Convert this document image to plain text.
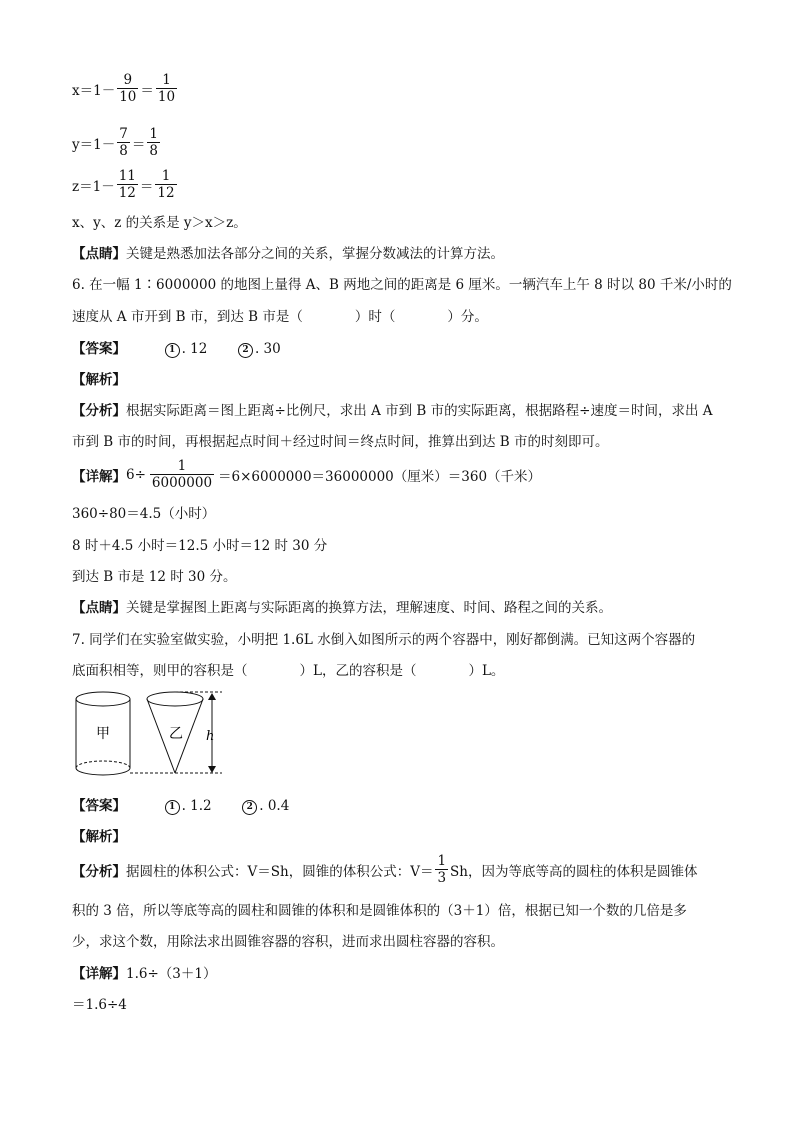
$x=1- \frac{9}{10} = \frac{1}{10}$
$y=1- \frac{7}{8} = \frac{1}{8}$
$z=1- \frac{11}{12} = \frac{1}{12}$
x、y、z 的关系是 y＞x＞z。
【点睛】关键是熟悉加法各部分之间的关系，掌握分数减法的计算方法。
6. 在一幅 1∶6000000 的地图上量得 A、B 两地之间的距离是 6 厘米。一辆汽车上午 8 时以 80 千米/小时的
速度从 A 市开到 B 市，到达 B 市是（	）时（	）分。
【答案】	1 . 12	2 . 30
【解析】
【分析】根据实际距离＝图上距离÷比例尺，求出 A 市到 B 市的实际距离，根据路程÷速度＝时间，求出 A
市到 B 市的时间，再根据起点时间＋经过时间＝终点时间，推算出到达 B 市的时刻即可。
【详解】 $6\div \frac{1}{6000000} =6\times 6000000=36000000$（厘米）＝360（千米）
360÷80＝4.5（小时）
8 时＋4.5 小时＝12.5 小时＝12 时 30 分
到达 B 市是 12 时 30 分。
【点睛】关键是掌握图上距离与实际距离的换算方法，理解速度、时间、路程之间的关系。
7. 同学们在实验室做实验，小明把 1.6L 水倒入如图所示的两个容器中，刚好都倒满。已知这两个容器的
底面积相等，则甲的容积是（	）L，乙的容积是（	）L。
甲	乙 h
【答案】	1 . 1.2	2 . 0.4
【解析】
【分析】 据圆柱的体积公式：V＝Sh，圆锥的体积公式：$V= \frac{1}{3}$ Sh，因为等底等高的圆柱的体积是圆锥体
积的 3 倍，所以等底等高的圆柱和圆锥的体积和是圆锥体积的（3＋1）倍，根据已知一个数的几倍是多
少，求这个数，用除法求出圆锥容器的容积，进而求出圆柱容器的容积。
【详解】1.6÷（3＋1）
＝1.6÷4
